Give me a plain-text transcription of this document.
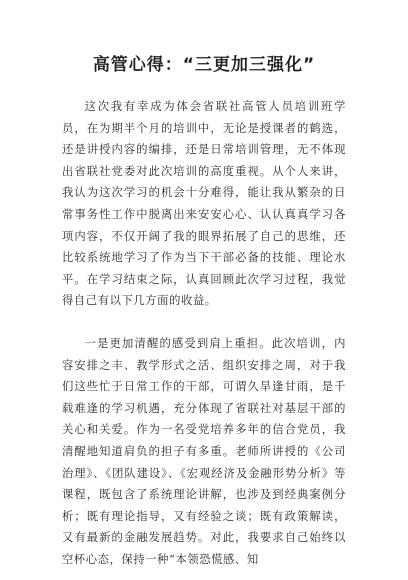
高管心得：“三更加三强化”

这次我有幸成为体会省联社高管人员培训班学员，在为期半个月的培训中，无论是授课者的鹤选，还是讲授内容的编排，还是日常培训管理，无不体现出省联社党委对此次培训的高度重视。从个人来讲，我认为这次学习的机会十分难得，能让我从繁杂的日常事务性工作中脱离出来安安心心、认认真真学习各项内容，不仅开阔了我的眼界拓展了自己的思维，还比较系统地学习了作为当下干部必备的技能、理论水平。在学习结束之际，认真回顾此次学习过程，我觉得自己有以下几方面的收益。

一是更加清醒的感受到肩上重担。此次培训，内容安排之丰、教学形式之活、组织安排之周，对于我们这些忙于日常工作的干部，可谓久旱逢甘雨，是千载难逢的学习机遇，充分体现了省联社对基层干部的关心和关爱。作为一名受党培养多年的信合党员，我清醒地知道肩负的担子有多重。老师所讲授的《公司治理》、《团队建设》、《宏观经济及金融形势分析》等课程，既包含了系统理论讲解，也涉及到经典案例分析；既有理论指导，又有经验之谈；既有政策解读，又有最新的金融发展趋势。对此，我要求自己始终以空杯心态，保持一种“本领恐慌感、知
